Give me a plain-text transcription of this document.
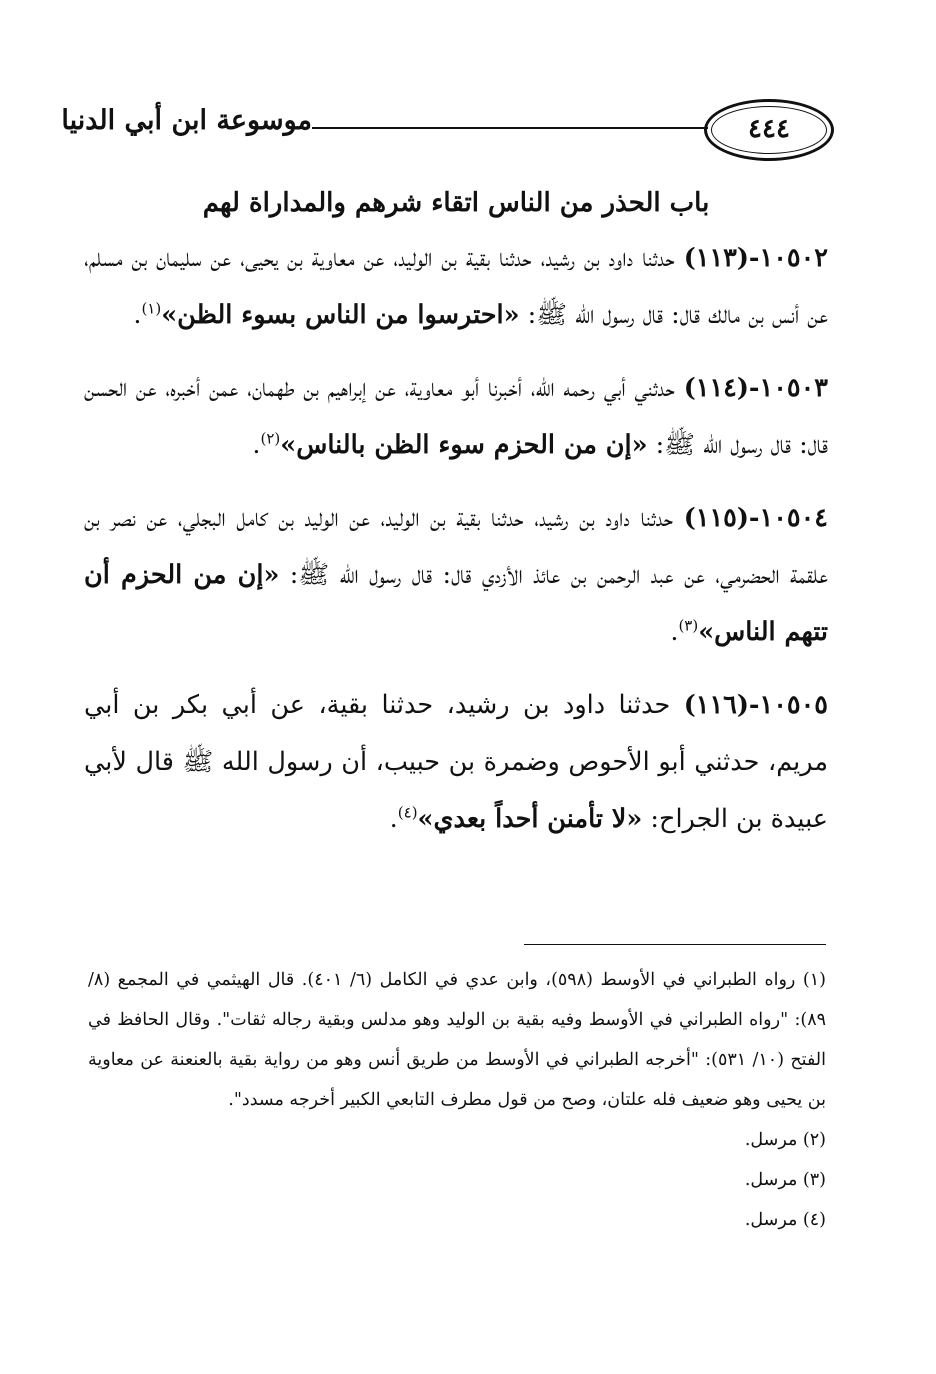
٤٤٤
موسوعة ابن أبي الدنيا
باب الحذر من الناس اتقاء شرهم والمداراة لهم

١٠٥٠٢-(١١٣) حدثنا داود بن رشيد، حدثنا بقية بن الوليد، عن معاوية بن يحيى، عن سليمان بن مسلم، عن أنس بن مالك قال: قال رسول الله ﷺ: «احترسوا من الناس بسوء الظن»$^{(١)}$.

١٠٥٠٣-(١١٤) حدثني أبي رحمه الله، أخبرنا أبو معاوية، عن إبراهيم بن طهمان، عمن أخبره، عن الحسن قال: قال رسول الله ﷺ: «إن من الحزم سوء الظن بالناس»$^{(٢)}$.

١٠٥٠٤-(١١٥) حدثنا داود بن رشيد، حدثنا بقية بن الوليد، عن الوليد بن كامل البجلي، عن نصر بن علقمة الحضرمي، عن عبد الرحمن بن عائذ الأزدي قال: قال رسول الله ﷺ: «إن من الحزم أن تتهم الناس»$^{(٣)}$.

١٠٥٠٥-(١١٦) حدثنا داود بن رشيد، حدثنا بقية، عن أبي بكر بن أبي مريم، حدثني أبو الأحوص وضمرة بن حبيب، أن رسول الله ﷺ قال لأبي عبيدة بن الجراح: «لا تأمنن أحداً بعدي»$^{(٤)}$.

(١) رواه الطبراني في الأوسط (٥٩٨)، وابن عدي في الكامل (٦/ ٤٠١). قال الهيثمي في المجمع (٨/ ٨٩): "رواه الطبراني في الأوسط وفيه بقية بن الوليد وهو مدلس وبقية رجاله ثقات". وقال الحافظ في الفتح (١٠/ ٥٣١): "أخرجه الطبراني في الأوسط من طريق أنس وهو من رواية بقية بالعنعنة عن معاوية بن يحيى وهو ضعيف فله علتان، وصح من قول مطرف التابعي الكبير أخرجه مسدد".

(٢) مرسل.

(٣) مرسل.

(٤) مرسل.
